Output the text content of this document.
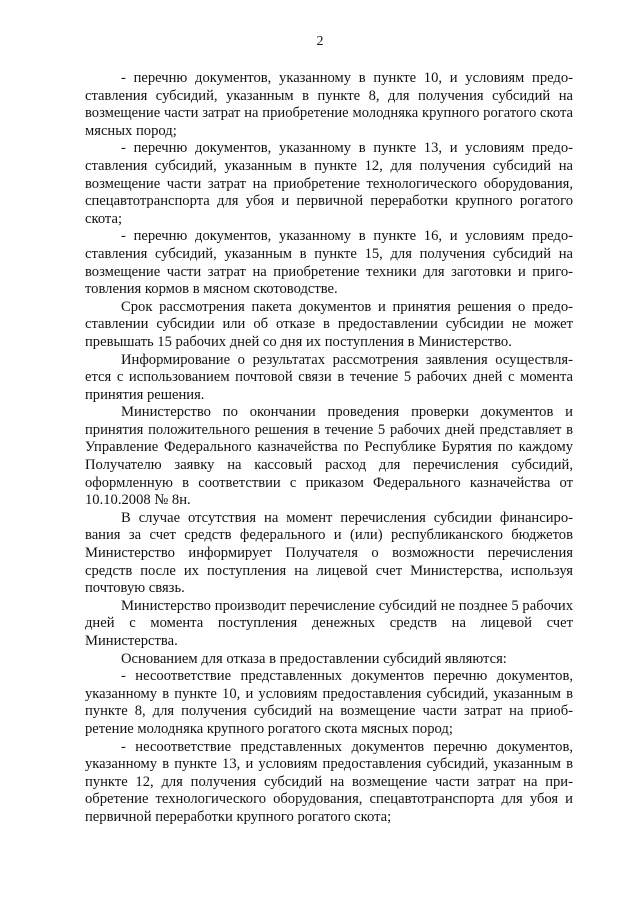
2

- перечню документов, указанному в пункте 10, и условиям предоставления субсидий, указанным в пункте 8, для получения субсидий на возмещение части затрат на приобретение молодняка крупного рогатого скота мясных пород;

- перечню документов, указанному в пункте 13, и условиям предоставления субсидий, указанным в пункте 12, для получения субсидий на возмещение части затрат на приобретение технологического оборудования, спецавтотранспорта для убоя и первичной переработки крупного рогатого скота;

- перечню документов, указанному в пункте 16, и условиям предоставления субсидий, указанным в пункте 15, для получения субсидий на возмещение части затрат на приобретение техники для заготовки и приготовления кормов в мясном скотоводстве.

Срок рассмотрения пакета документов и принятия решения о предоставлении субсидии или об отказе в предоставлении субсидии не может превышать 15 рабочих дней со дня их поступления в Министерство.

Информирование о результатах рассмотрения заявления осуществляется с использованием почтовой связи в течение 5 рабочих дней с момента принятия решения.

Министерство по окончании проведения проверки документов и принятия положительного решения в течение 5 рабочих дней представляет в Управление Федерального казначейства по Республике Бурятия по каждому Получателю заявку на кассовый расход для перечисления субсидий, оформленную в соответствии с приказом Федерального казначейства от 10.10.2008 № 8н.

В случае отсутствия на момент перечисления субсидии финансирования за счет средств федерального и (или) республиканского бюджетов Министерство информирует Получателя о возможности перечисления средств после их поступления на лицевой счет Министерства, используя почтовую связь.

Министерство производит перечисление субсидий не позднее 5 рабочих дней с момента поступления денежных средств на лицевой счет Министерства.

Основанием для отказа в предоставлении субсидий являются:

- несоответствие представленных документов перечню документов, указанному в пункте 10, и условиям предоставления субсидий, указанным в пункте 8, для получения субсидий на возмещение части затрат на приобретение молодняка крупного рогатого скота мясных пород;

- несоответствие представленных документов перечню документов, указанному в пункте 13, и условиям предоставления субсидий, указанным в пункте 12, для получения субсидий на возмещение части затрат на приобретение технологического оборудования, спецавтотранспорта для убоя и первичной переработки крупного рогатого скота;
